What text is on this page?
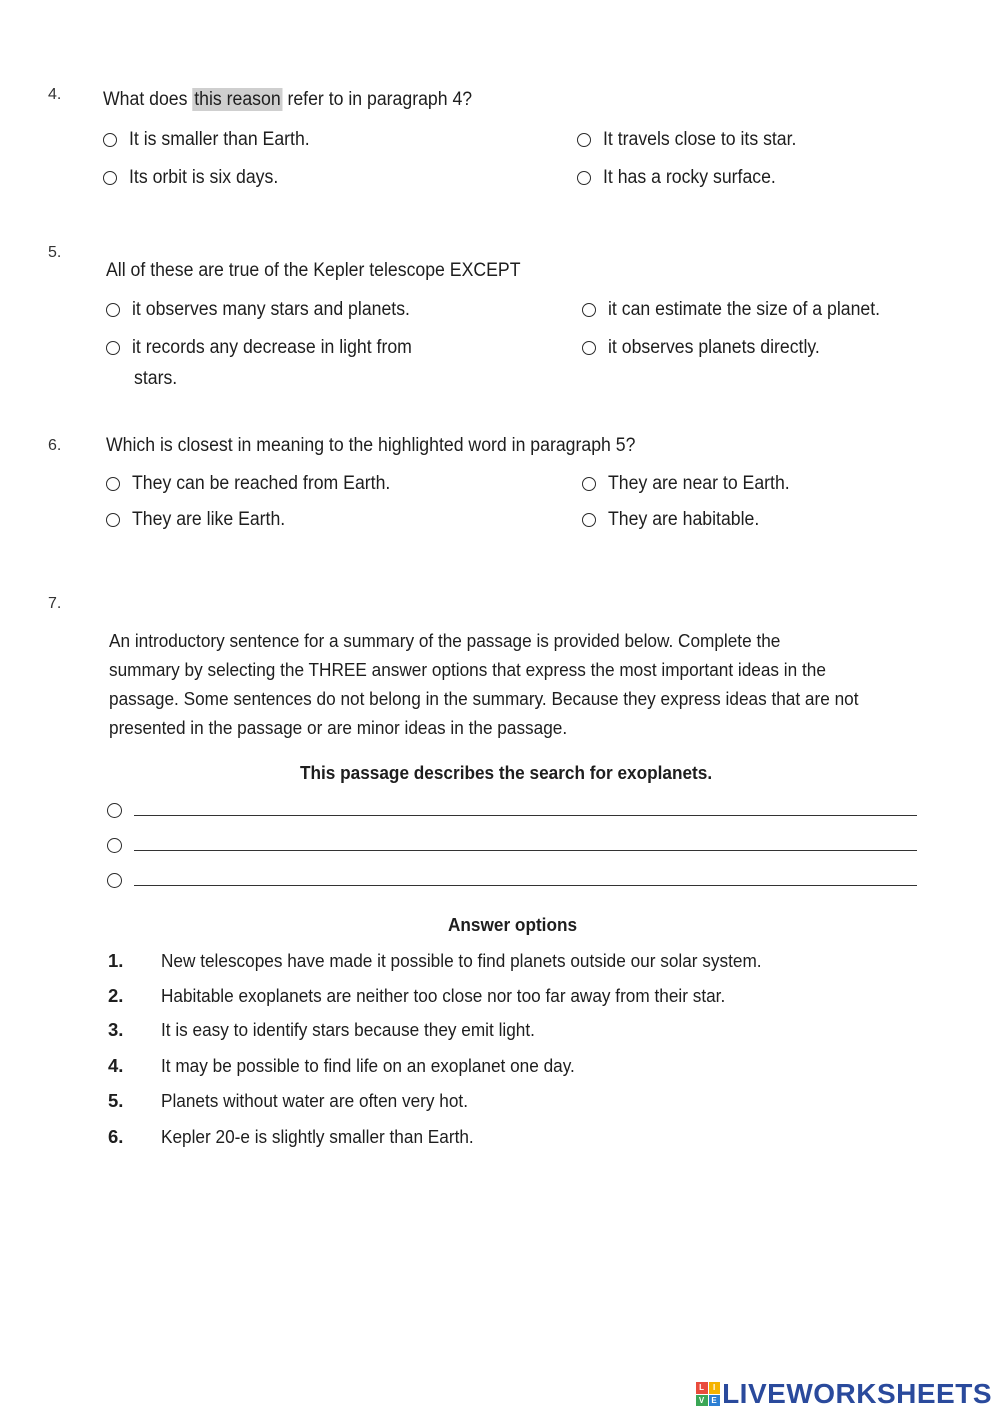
4. What does this reason refer to in paragraph 4?
It is smaller than Earth.	It travels close to its star.
Its orbit is six days.	It has a rocky surface.
5.
All of these are true of the Kepler telescope EXCEPT
it observes many stars and planets.	it can estimate the size of a planet.
it records any decrease in light from
stars.
it observes planets directly.
6. Which is closest in meaning to the highlighted word in paragraph 5?
They can be reached from Earth.	They are near to Earth.
They are like Earth.	They are habitable.
7.
An introductory sentence for a summary of the passage is provided below. Complete the
summary by selecting the THREE answer options that express the most important ideas in the
passage. Some sentences do not belong in the summary. Because they express ideas that are not
presented in the passage or are minor ideas in the passage.
This passage describes the search for exoplanets.
Answer options
1.	New telescopes have made it possible to find planets outside our solar system.
2.	Habitable exoplanets are neither too close nor too far away from their star.
3.	It is easy to identify stars because they emit light.
4.	It may be possible to find life on an exoplanet one day.
5.	Planets without water are often very hot.
6.	Kepler 20-e is slightly smaller than Earth.
L	I
V E LIVEWORKSHEETS
